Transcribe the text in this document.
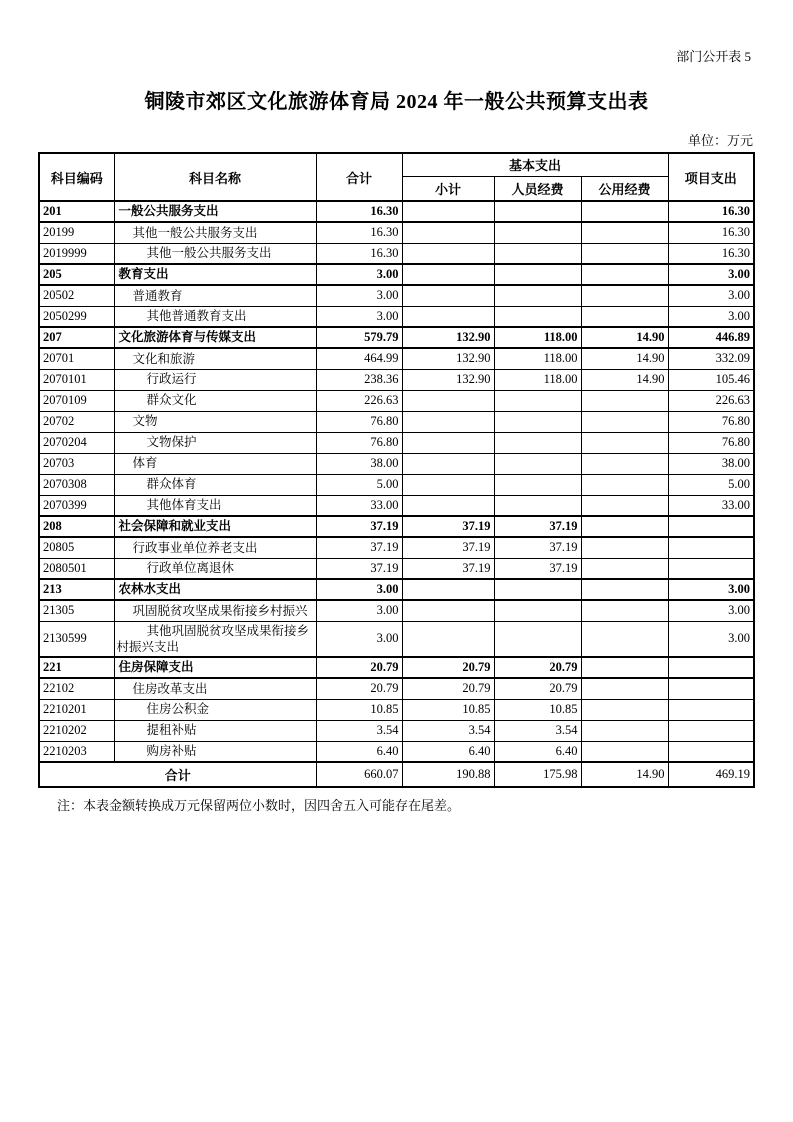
部门公开表 5
铜陵市郊区文化旅游体育局 2024 年一般公共预算支出表
单位：万元
科目编码	科目名称	合计	基本支出			项目支出
			小计	人员经费	公用经费	
201	一般公共服务支出	16.30				16.30
20199	其他一般公共服务支出	16.30				16.30
2019999	其他一般公共服务支出	16.30				16.30
205	教育支出	3.00				3.00
20502	普通教育	3.00				3.00
2050299	其他普通教育支出	3.00				3.00
207	文化旅游体育与传媒支出	579.79	132.90	118.00	14.90	446.89
20701	文化和旅游	464.99	132.90	118.00	14.90	332.09
2070101	行政运行	238.36	132.90	118.00	14.90	105.46
2070109	群众文化	226.63				226.63
20702	文物	76.80				76.80
2070204	文物保护	76.80				76.80
20703	体育	38.00				38.00
2070308	群众体育	5.00				5.00
2070399	其他体育支出	33.00				33.00
208	社会保障和就业支出	37.19	37.19	37.19		
20805	行政事业单位养老支出	37.19	37.19	37.19		
2080501	行政单位离退休	37.19	37.19	37.19		
213	农林水支出	3.00				3.00
21305	巩固脱贫攻坚成果衔接乡村振兴	3.00				3.00
2130599	其他巩固脱贫攻坚成果衔接乡村振兴支出	3.00				3.00
221	住房保障支出	20.79	20.79	20.79		
22102	住房改革支出	20.79	20.79	20.79		
2210201	住房公积金	10.85	10.85	10.85		
2210202	提租补贴	3.54	3.54	3.54		
2210203	购房补贴	6.40	6.40	6.40		
合计		660.07	190.88	175.98	14.90	469.19
注：本表金额转换成万元保留两位小数时，因四舍五入可能存在尾差。
